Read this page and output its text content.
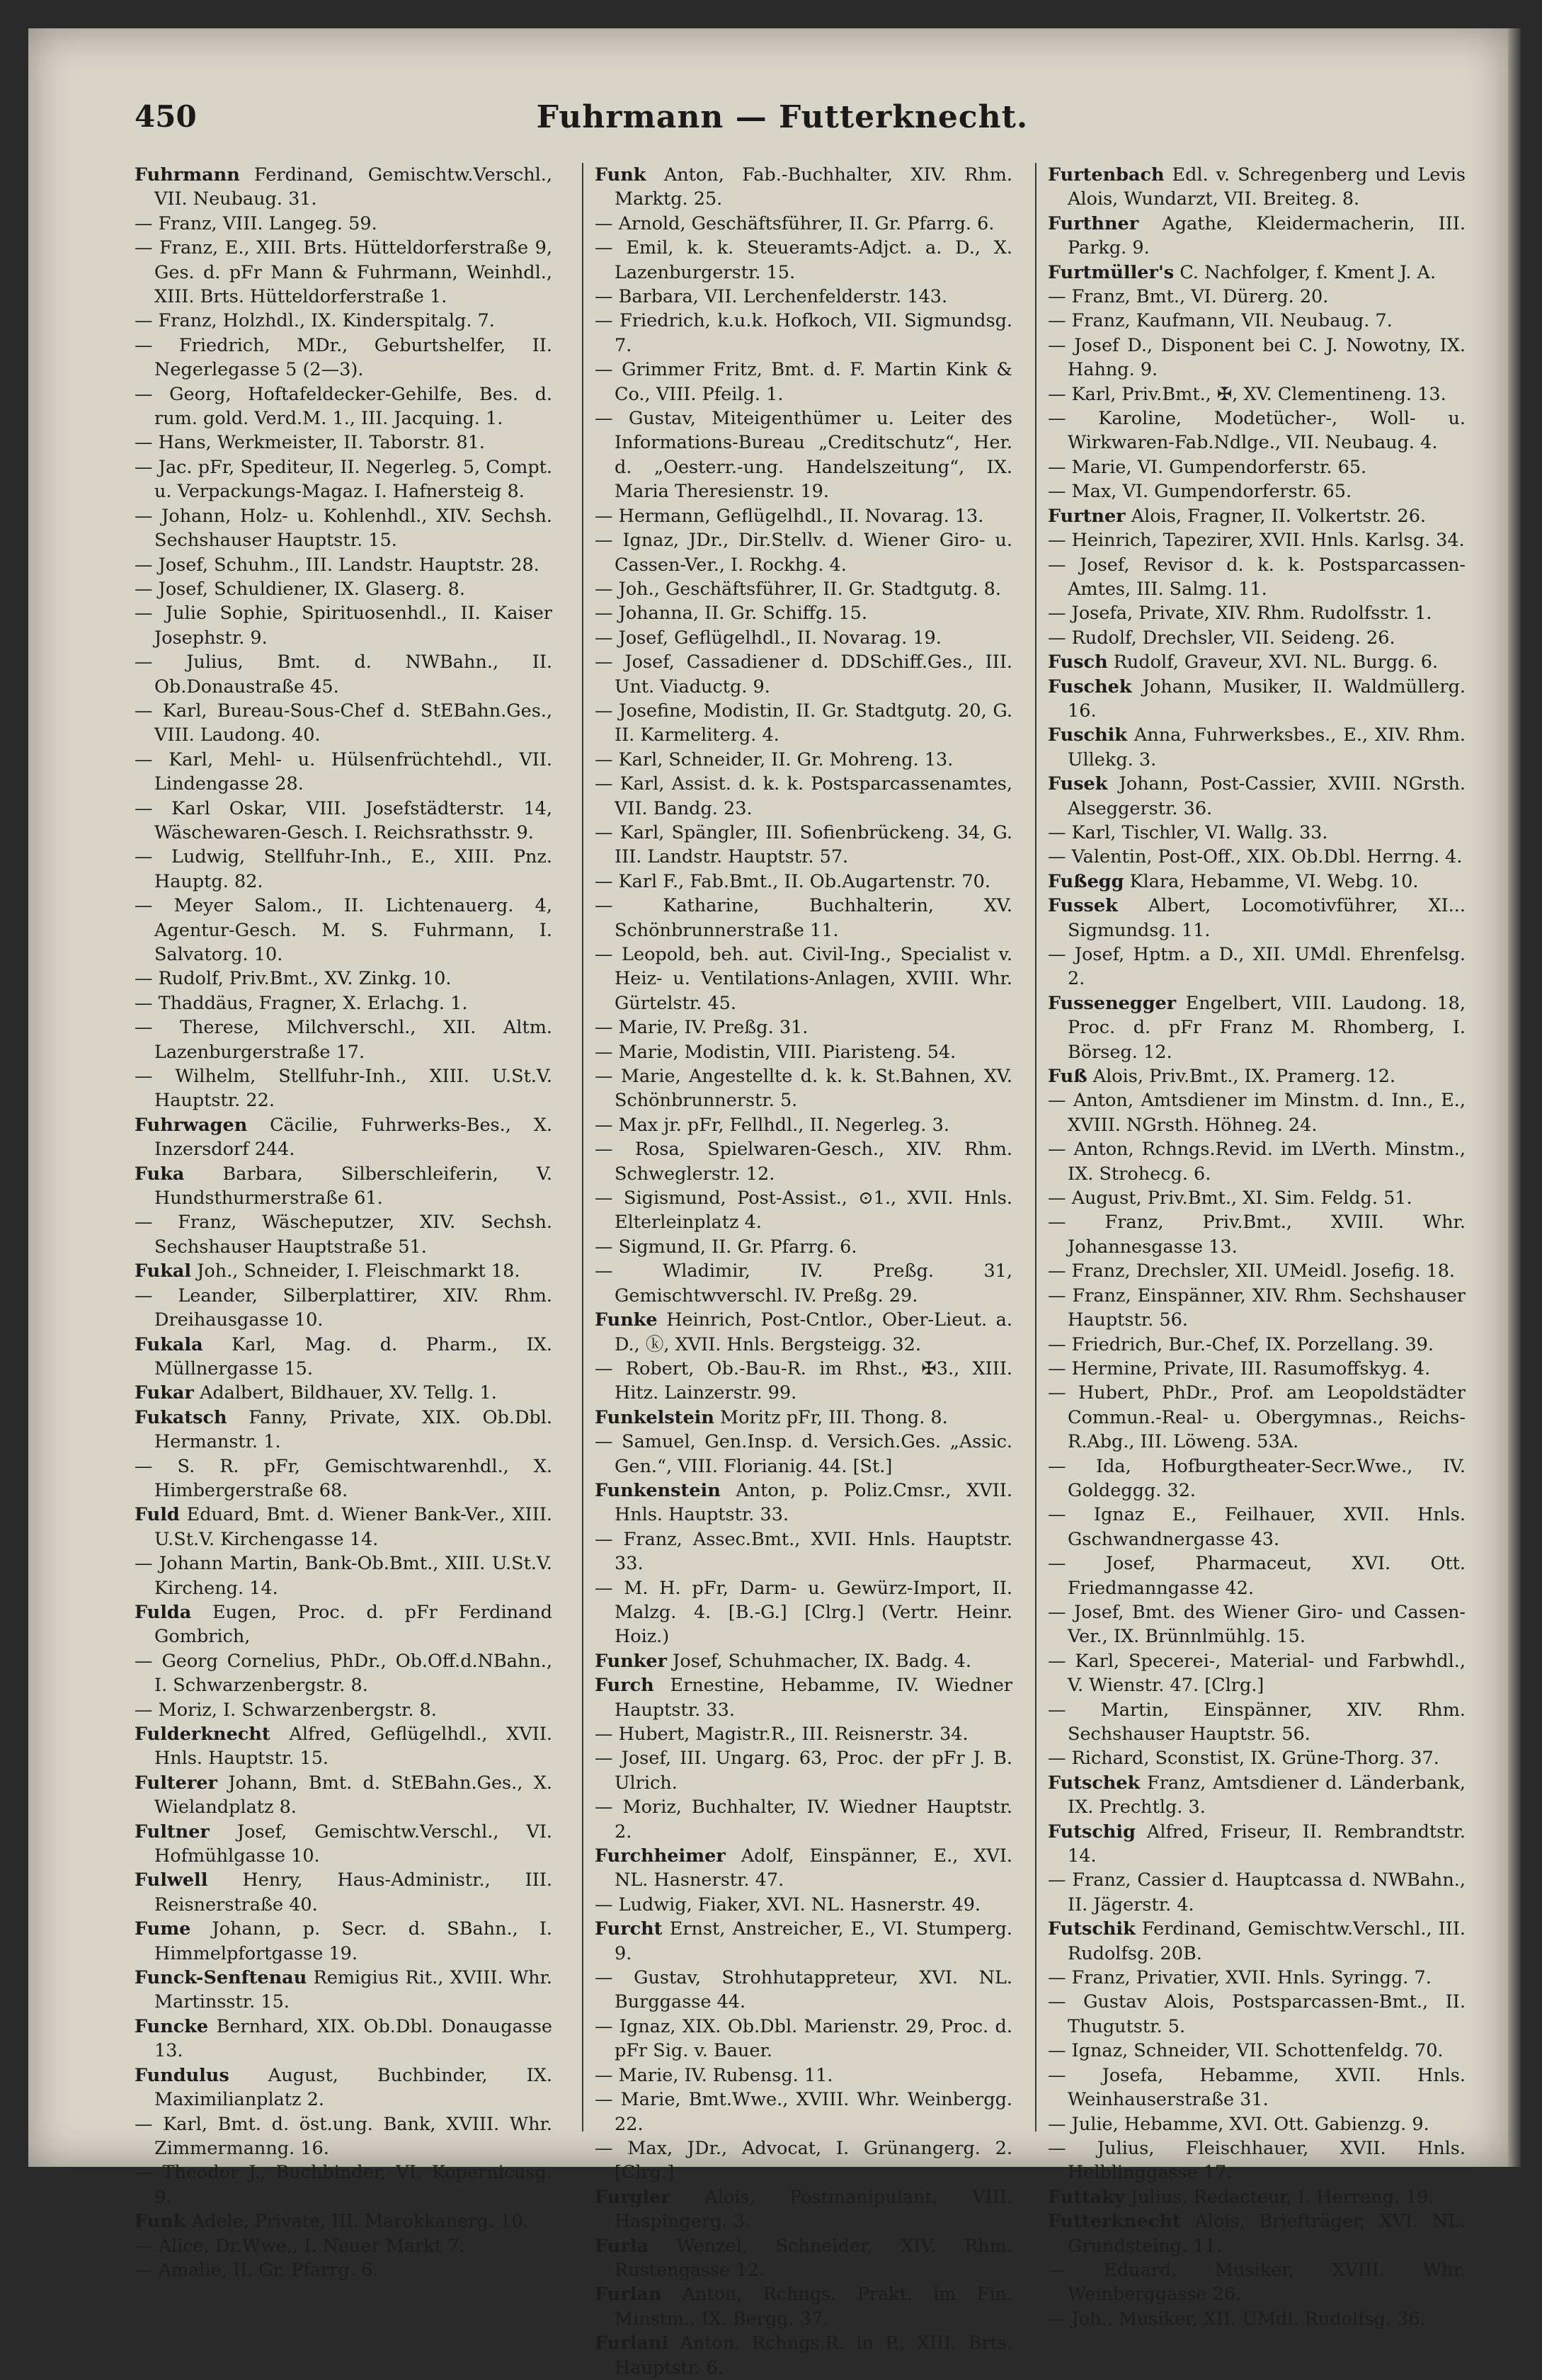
Fuhrmann — Futterknecht.
450

Fuhrmann Ferdinand, Gemischtw.Verschl., VII. Neubaug. 31.

— Franz, VIII. Langeg. 59.

— Franz, E., XIII. Brts. Hütteldorferstraße 9, Ges. d. pFr Mann & Fuhrmann, Weinhdl., XIII. Brts. Hütteldorferstraße 1.

— Franz, Holzhdl., IX. Kinderspitalg. 7.

— Friedrich, MDr., Geburtshelfer, II. Negerlegasse 5 (2—3).

— Georg, Hoftafeldecker-Gehilfe, Bes. d. rum. gold. Verd.M. 1., III. Jacquing. 1.

— Hans, Werkmeister, II. Taborstr. 81.

— Jac. pFr, Spediteur, II. Negerleg. 5, Compt. u. Verpackungs-Magaz. I. Hafnersteig 8.

— Johann, Holz- u. Kohlenhdl., XIV. Sechsh. Sechshauser Hauptstr. 15.

— Josef, Schuhm., III. Landstr. Hauptstr. 28.

— Josef, Schuldiener, IX. Glaserg. 8.

— Julie Sophie, Spirituosenhdl., II. Kaiser Josephstr. 9.

— Julius, Bmt. d. NWBahn., II. Ob.Donaustraße 45.

— Karl, Bureau-Sous-Chef d. StEBahn.Ges., VIII. Laudong. 40.

— Karl, Mehl- u. Hülsenfrüchtehdl., VII. Lindengasse 28.

— Karl Oskar, VIII. Josefstädterstr. 14, Wäschewaren-Gesch. I. Reichsrathsstr. 9.

— Ludwig, Stellfuhr-Inh., E., XIII. Pnz. Hauptg. 82.

— Meyer Salom., II. Lichtenauerg. 4, Agentur-Gesch. M. S. Fuhrmann, I. Salvatorg. 10.

— Rudolf, Priv.Bmt., XV. Zinkg. 10.

— Thaddäus, Fragner, X. Erlachg. 1.

— Therese, Milchverschl., XII. Altm. Lazenburgerstraße 17.

— Wilhelm, Stellfuhr-Inh., XIII. U.St.V. Hauptstr. 22.

Fuhrwagen Cäcilie, Fuhrwerks-Bes., X. Inzersdorf 244.

Fuka Barbara, Silberschleiferin, V. Hundsthurmerstraße 61.

— Franz, Wäscheputzer, XIV. Sechsh. Sechshauser Hauptstraße 51.

Fukal Joh., Schneider, I. Fleischmarkt 18.

— Leander, Silberplattirer, XIV. Rhm. Dreihausgasse 10.

Fukala Karl, Mag. d. Pharm., IX. Müllnergasse 15.

Fukar Adalbert, Bildhauer, XV. Tellg. 1.

Fukatsch Fanny, Private, XIX. Ob.Dbl. Hermanstr. 1.

— S. R. pFr, Gemischtwarenhdl., X. Himbergerstraße 68.

Fuld Eduard, Bmt. d. Wiener Bank-Ver., XIII. U.St.V. Kirchengasse 14.

— Johann Martin, Bank-Ob.Bmt., XIII. U.St.V. Kircheng. 14.

Fulda Eugen, Proc. d. pFr Ferdinand Gombrich,

— Georg Cornelius, PhDr., Ob.Off.d.NBahn., I. Schwarzenbergstr. 8.

— Moriz, I. Schwarzenbergstr. 8.

Fulderknecht Alfred, Geflügelhdl., XVII. Hnls. Hauptstr. 15.

Fulterer Johann, Bmt. d. StEBahn.Ges., X. Wielandplatz 8.

Fultner Josef, Gemischtw.Verschl., VI. Hofmühlgasse 10.

Fulwell Henry, Haus-Administr., III. Reisnerstraße 40.

Fume Johann, p. Secr. d. SBahn., I. Himmelpfortgasse 19.

Funck-Senftenau Remigius Rit., XVIII. Whr. Martinsstr. 15.

Funcke Bernhard, XIX. Ob.Dbl. Donaugasse 13.

Fundulus August, Buchbinder, IX. Maximilianplatz 2.

— Karl, Bmt. d. öst.ung. Bank, XVIII. Whr. Zimmermanng. 16.

— Theodor J., Buchbinder, VI. Kopernicusg. 9.

Funk Adele, Private, III. Marokkanerg. 10.

— Alice, Dr.Wwe., I. Neuer Markt 7.

— Amalie, II. Gr. Pfarrg. 6.

Funk Anton, Fab.-Buchhalter, XIV. Rhm. Marktg. 25.

— Arnold, Geschäftsführer, II. Gr. Pfarrg. 6.

— Emil, k. k. Steueramts-Adjct. a. D., X. Lazenburgerstr. 15.

— Barbara, VII. Lerchenfelderstr. 143.

— Friedrich, k.u.k. Hofkoch, VII. Sigmundsg. 7.

— Grimmer Fritz, Bmt. d. F. Martin Kink & Co., VIII. Pfeilg. 1.

— Gustav, Miteigenthümer u. Leiter des Informations-Bureau „Creditschutz“, Her. d. „Oesterr.-ung. Handelszeitung“, IX. Maria Theresienstr. 19.

— Hermann, Geflügelhdl., II. Novarag. 13.

— Ignaz, JDr., Dir.Stellv. d. Wiener Giro- u. Cassen-Ver., I. Rockhg. 4.

— Joh., Geschäftsführer, II. Gr. Stadtgutg. 8.

— Johanna, II. Gr. Schiffg. 15.

— Josef, Geflügelhdl., II. Novarag. 19.

— Josef, Cassadiener d. DDSchiff.Ges., III. Unt. Viaductg. 9.

— Josefine, Modistin, II. Gr. Stadtgutg. 20, G. II. Karmeliterg. 4.

— Karl, Schneider, II. Gr. Mohreng. 13.

— Karl, Assist. d. k. k. Postsparcassenamtes, VII. Bandg. 23.

— Karl, Spängler, III. Sofienbrückeng. 34, G. III. Landstr. Hauptstr. 57.

— Karl F., Fab.Bmt., II. Ob.Augartenstr. 70.

— Katharine, Buchhalterin, XV. Schönbrunnerstraße 11.

— Leopold, beh. aut. Civil-Ing., Specialist v. Heiz- u. Ventilations-Anlagen, XVIII. Whr. Gürtelstr. 45.

— Marie, IV. Preßg. 31.

— Marie, Modistin, VIII. Piaristeng. 54.

— Marie, Angestellte d. k. k. St.Bahnen, XV. Schönbrunnerstr. 5.

— Max jr. pFr, Fellhdl., II. Negerleg. 3.

— Rosa, Spielwaren-Gesch., XIV. Rhm. Schweglerstr. 12.

— Sigismund, Post-Assist., ⊙1., XVII. Hnls. Elterleinplatz 4.

— Sigmund, II. Gr. Pfarrg. 6.

— Wladimir, IV. Preßg. 31, Gemischtwverschl. IV. Preßg. 29.

Funke Heinrich, Post-Cntlor., Ober-Lieut. a. D., ⓚ, XVII. Hnls. Bergsteigg. 32.

— Robert, Ob.-Bau-R. im Rhst., ✠3., XIII. Hitz. Lainzerstr. 99.

Funkelstein Moritz pFr, III. Thong. 8.

— Samuel, Gen.Insp. d. Versich.Ges. „Assic. Gen.“, VIII. Florianig. 44. [St.]

Funkenstein Anton, p. Poliz.Cmsr., XVII. Hnls. Hauptstr. 33.

— Franz, Assec.Bmt., XVII. Hnls. Hauptstr. 33.

— M. H. pFr, Darm- u. Gewürz-Import, II. Malzg. 4. [B.-G.] [Clrg.] (Vertr. Heinr. Hoiz.)

Funker Josef, Schuhmacher, IX. Badg. 4.

Furch Ernestine, Hebamme, IV. Wiedner Hauptstr. 33.

— Hubert, Magistr.R., III. Reisnerstr. 34.

— Josef, III. Ungarg. 63, Proc. der pFr J. B. Ulrich.

— Moriz, Buchhalter, IV. Wiedner Hauptstr. 2.

Furchheimer Adolf, Einspänner, E., XVI. NL. Hasnerstr. 47.

— Ludwig, Fiaker, XVI. NL. Hasnerstr. 49.

Furcht Ernst, Anstreicher, E., VI. Stumperg. 9.

— Gustav, Strohhutappreteur, XVI. NL. Burggasse 44.

— Ignaz, XIX. Ob.Dbl. Marienstr. 29, Proc. d. pFr Sig. v. Bauer.

— Marie, IV. Rubensg. 11.

— Marie, Bmt.Wwe., XVIII. Whr. Weinbergg. 22.

— Max, JDr., Advocat, I. Grünangerg. 2. [Clrg.]

Furgler Alois, Postmanipulant, VIII. Haspingerg. 3.

Furla Wenzel, Schneider, XIV. Rhm. Rustengasse 12.

Furlan Anton, Rchngs. Prakt. im Fin. Minstm., IX. Bergg. 37.

Furlani Anton, Rchngs.R. in P., XIII. Brts. Hauptstr. 6.

Furtenbach Edl. v. Schregenberg und Levis Alois, Wundarzt, VII. Breiteg. 8.

Furthner Agathe, Kleidermacherin, III. Parkg. 9.

Furtmüller's C. Nachfolger, f. Kment J. A.

— Franz, Bmt., VI. Dürerg. 20.

— Franz, Kaufmann, VII. Neubaug. 7.

— Josef D., Disponent bei C. J. Nowotny, IX. Hahng. 9.

— Karl, Priv.Bmt., ✠, XV. Clementineng. 13.

— Karoline, Modetücher-, Woll- u. Wirkwaren-Fab.Ndlge., VII. Neubaug. 4.

— Marie, VI. Gumpendorferstr. 65.

— Max, VI. Gumpendorferstr. 65.

Furtner Alois, Fragner, II. Volkertstr. 26.

— Heinrich, Tapezirer, XVII. Hnls. Karlsg. 34.

— Josef, Revisor d. k. k. Postsparcassen-Amtes, III. Salmg. 11.

— Josefa, Private, XIV. Rhm. Rudolfsstr. 1.

— Rudolf, Drechsler, VII. Seideng. 26.

Fusch Rudolf, Graveur, XVI. NL. Burgg. 6.

Fuschek Johann, Musiker, II. Waldmüllerg. 16.

Fuschik Anna, Fuhrwerksbes., E., XIV. Rhm. Ullekg. 3.

Fusek Johann, Post-Cassier, XVIII. NGrsth. Alseggerstr. 36.

— Karl, Tischler, VI. Wallg. 33.

— Valentin, Post-Off., XIX. Ob.Dbl. Herrng. 4.

Fußegg Klara, Hebamme, VI. Webg. 10.

Fussek Albert, Locomotivführer, XI... Sigmundsg. 11.

— Josef, Hptm. a D., XII. UMdl. Ehrenfelsg. 2.

Fussenegger Engelbert, VIII. Laudong. 18, Proc. d. pFr Franz M. Rhomberg, I. Börseg. 12.

Fuß Alois, Priv.Bmt., IX. Pramerg. 12.

— Anton, Amtsdiener im Minstm. d. Inn., E., XVIII. NGrsth. Höhneg. 24.

— Anton, Rchngs.Revid. im LVerth. Minstm., IX. Strohecg. 6.

— August, Priv.Bmt., XI. Sim. Feldg. 51.

— Franz, Priv.Bmt., XVIII. Whr. Johannesgasse 13.

— Franz, Drechsler, XII. UMeidl. Josefig. 18.

— Franz, Einspänner, XIV. Rhm. Sechshauser Hauptstr. 56.

— Friedrich, Bur.-Chef, IX. Porzellang. 39.

— Hermine, Private, III. Rasumoffskyg. 4.

— Hubert, PhDr., Prof. am Leopoldstädter Commun.-Real- u. Obergymnas., Reichs-R.Abg., III. Löweng. 53A.

— Ida, Hofburgtheater-Secr.Wwe., IV. Goldeggg. 32.

— Ignaz E., Feilhauer, XVII. Hnls. Gschwandnergasse 43.

— Josef, Pharmaceut, XVI. Ott. Friedmanngasse 42.

— Josef, Bmt. des Wiener Giro- und Cassen-Ver., IX. Brünnlmühlg. 15.

— Karl, Specerei-, Material- und Farbwhdl., V. Wienstr. 47. [Clrg.]

— Martin, Einspänner, XIV. Rhm. Sechshauser Hauptstr. 56.

— Richard, Sconstist, IX. Grüne-Thorg. 37.

Futschek Franz, Amtsdiener d. Länderbank, IX. Prechtlg. 3.

Futschig Alfred, Friseur, II. Rembrandtstr. 14.

— Franz, Cassier d. Hauptcassa d. NWBahn., II. Jägerstr. 4.

Futschik Ferdinand, Gemischtw.Verschl., III. Rudolfsg. 20B.

— Franz, Privatier, XVII. Hnls. Syringg. 7.

— Gustav Alois, Postsparcassen-Bmt., II. Thugutstr. 5.

— Ignaz, Schneider, VII. Schottenfeldg. 70.

— Josefa, Hebamme, XVII. Hnls. Weinhauserstraße 31.

— Julie, Hebamme, XVI. Ott. Gabienzg. 9.

— Julius, Fleischhauer, XVII. Hnls. Helblinggasse 17.

Futtaky Julius, Redacteur, I. Herreng. 19.

Futterknecht Alois, Briefträger, XVI. NL. Grundsteing. 11.

— Eduard, Musiker, XVIII. Whr. Weinberggasse 26.

— Joh., Musiker, XII. UMdl. Rudolfsg. 36.
